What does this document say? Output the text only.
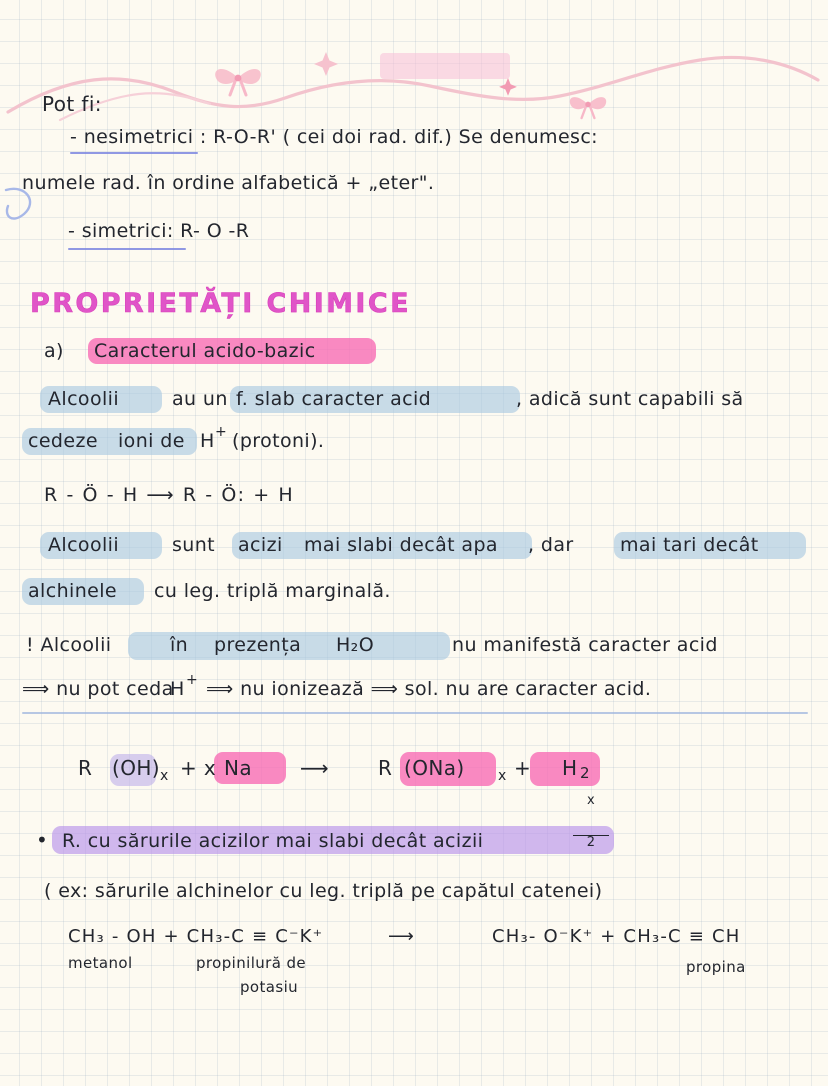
Pot fi:
- nesimetrici : R-O-R' ( cei doi rad. dif.) Se denumesc:
numele rad. în ordine alfabetică + „eter".
- simetrici: R- O -R
PROPRIETĂȚI CHIMICE
a) Caracterul acido-bazic
Alcoolii	au un f. slab caracter acid	, adică sunt capabili să
cedeze ioni de H + (protoni).
R - Ö - H ⟶ R - Ö: + H
Alcoolii	sunt acizi mai slabi decât apa , dar mai tari decât
alchinele cu leg. triplă marginală.
! Alcoolii	în prezența H₂O	nu manifestă caracter acid
⟹ nu pot ceda
H + ⟹ nu ionizează ⟹ sol. nu are caracter acid.
R (OH) x + x Na ⟶ R (ONa) x +

	$\frac{x}{2}$

H 2
• R. cu sărurile acizilor mai slabi decât acizii
( ex: sărurile alchinelor cu leg. triplă pe capătul catenei)
CH₃ - OH + CH₃-C ≡ C⁻K⁺	⟶	CH₃- O⁻K⁺ + CH₃-C ≡ CH
metanol	propinilură de
potasiu
propina
